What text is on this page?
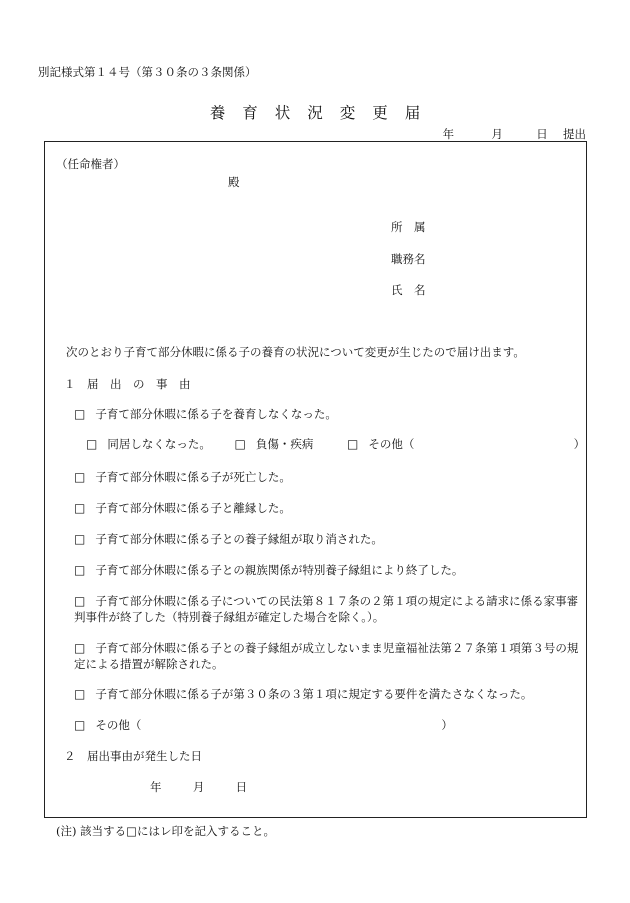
別記様式第１４号（第３０条の３条関係）
養育状況変更届
年	月	日 提出
（任命権者）
殿
所　属
職務名
氏　名
次のとおり子育て部分休暇に係る子の養育の状況について変更が生じたので届け出ます。
１　届　出　の　事　由
□ 子育て部分休暇に係る子を養育しなくなった。
□ 同居しなくなった。 □ 負傷・疾病	□ その他（	）
□ 子育て部分休暇に係る子が死亡した。
□ 子育て部分休暇に係る子と離縁した。
□ 子育て部分休暇に係る子との養子縁組が取り消された。
□ 子育て部分休暇に係る子との親族関係が特別養子縁組により終了した。
□ 子育て部分休暇に係る子についての民法第８１７条の２第１項の規定による請求に係る家事審判事件が終了した（特別養子縁組が確定した場合を除く。）。
□ 子育て部分休暇に係る子との養子縁組が成立しないまま児童福祉法第２７条第１項第３号の規定による措置が解除された。
□ 子育て部分休暇に係る子が第３０条の３第１項に規定する要件を満たさなくなった。
□ その他（	）
２　届出事由が発生した日
年	月	日
(注) 該当する□にはレ印を記入すること。
